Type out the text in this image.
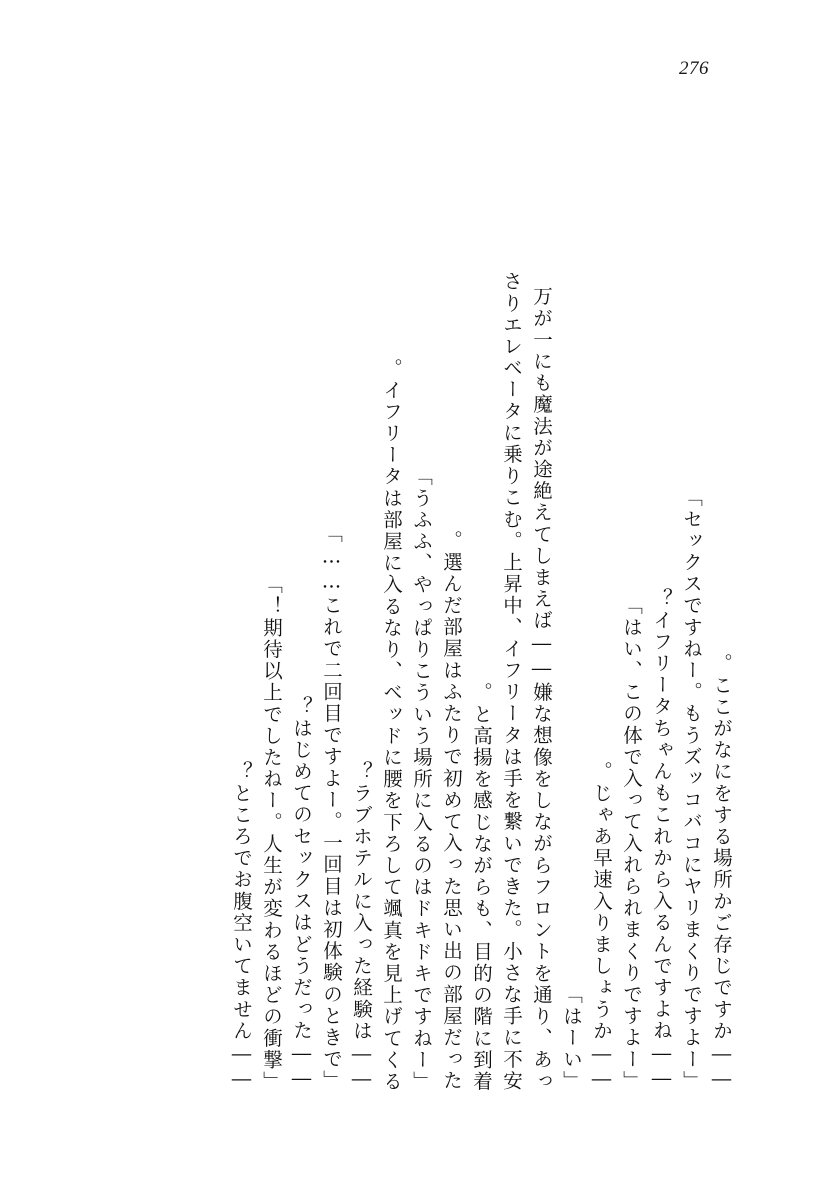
276
――ここがなにをする場所かご存じですか。
「セックスですねー。もうズッコバコにヤリまくりですよー」
――イフリータちゃんもこれから入るんですよね？
「はい、この体で入って入れられまくりですよー」
――じゃあ早速入りましょうか。
「はーい」
万が一にも魔法が途絶えてしまえば――嫌な想像をしながらフロントを通り、あっ
さりエレベータに乗りこむ。上昇中、イフリータは手を繋いできた。小さな手に不安
と高揚を感じながらも、目的の階に到着。
選んだ部屋はふたりで初めて入った思い出の部屋だった。
「うふふ、やっぱりこういう場所に入るのはドキドキですねー」
イフリータは部屋に入るなり、ベッドに腰を下ろして颯真を見上げてくる。
――ラブホテルに入った経験は？
「これで二回目ですよー。一回目は初体験のときで……」
――はじめてのセックスはどうだった？
「期待以上でしたねー。人生が変わるほどの衝撃！」
――ところでお腹空いてません？
